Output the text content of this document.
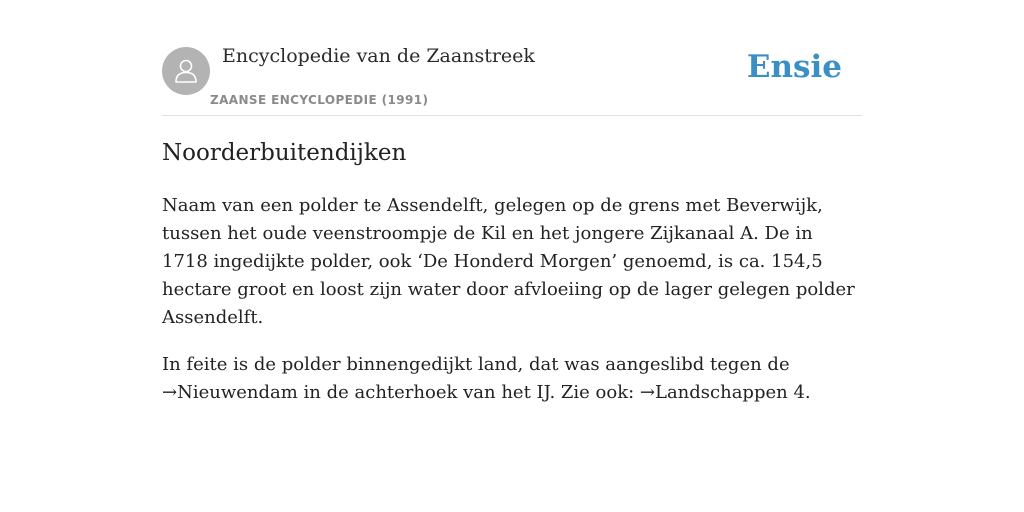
Encyclopedie van de Zaanstreek
ZAANSE ENCYCLOPEDIE (1991)
Ensie
Noorderbuitendijken

Naam van een polder te Assendelft, gelegen op de grens met Beverwijk, tussen het oude veenstroompje de Kil en het jongere Zijkanaal A. De in 1718 ingedijkte polder, ook ‘De Honderd Morgen’ genoemd, is ca. 154,5 hectare groot en loost zijn water door afvloeiing op de lager gelegen polder Assendelft.

In feite is de polder binnengedijkt land, dat was aangeslibd tegen de →Nieuwendam in de achterhoek van het IJ. Zie ook: →Landschappen 4.
